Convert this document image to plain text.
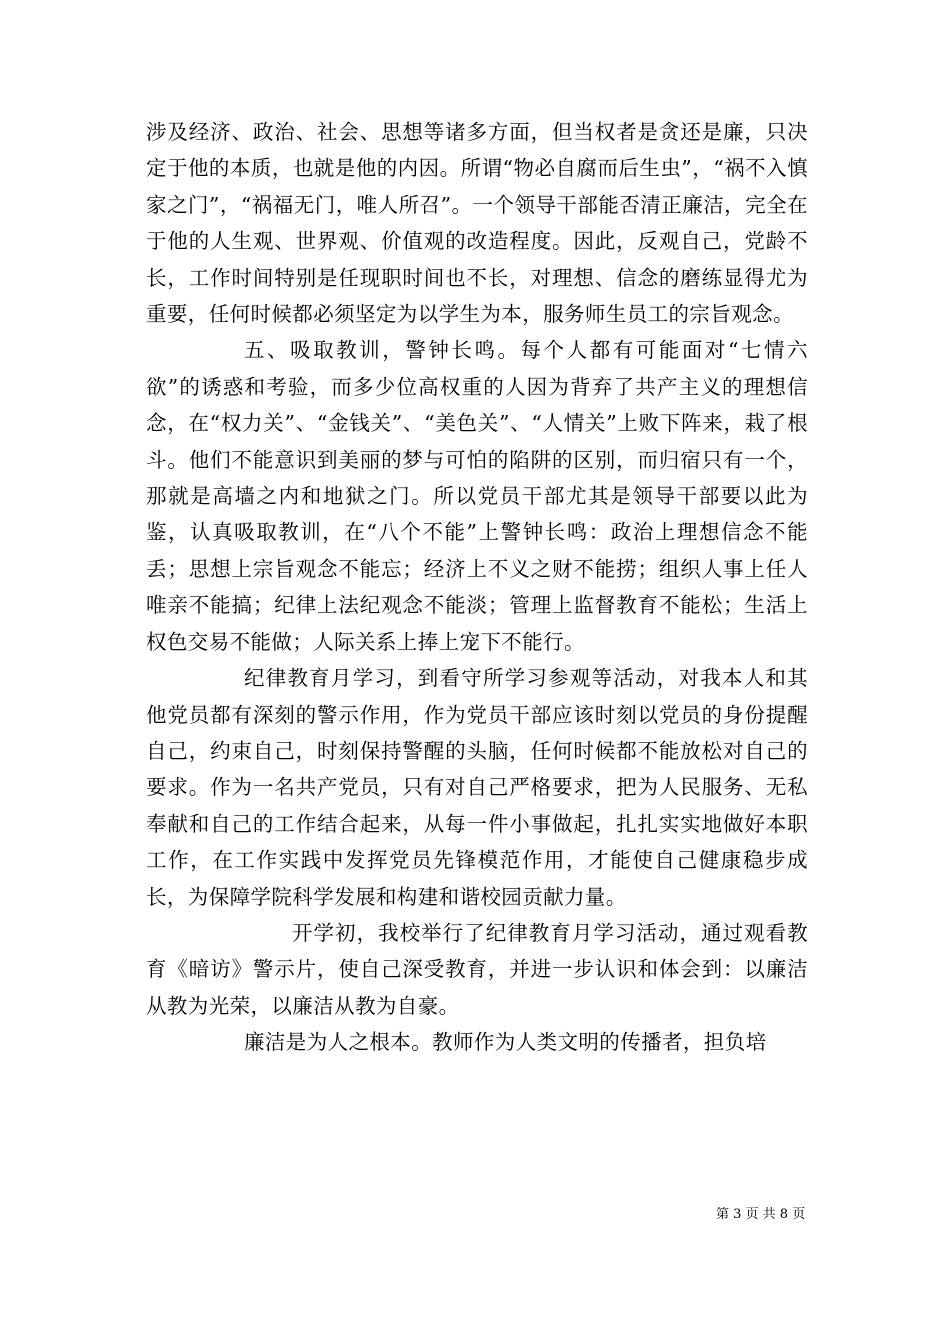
涉及经济、政治、社会、思想等诸多方面，但当权者是贪还是廉，只决定于他的本质，也就是他的内因。所谓“物必自腐而后生虫”，“祸不入慎家之门”，“祸福无门，唯人所召”。一个领导干部能否清正廉洁，完全在于他的人生观、世界观、价值观的改造程度。因此，反观自己，党龄不长，工作时间特别是任现职时间也不长，对理想、信念的磨练显得尤为重要，任何时候都必须坚定为以学生为本，服务师生员工的宗旨观念。

五、吸取教训，警钟长鸣。每个人都有可能面对“七情六欲”的诱惑和考验，而多少位高权重的人因为背弃了共产主义的理想信念，在“权力关”、“金钱关”、“美色关”、“人情关”上败下阵来，栽了根斗。他们不能意识到美丽的梦与可怕的陷阱的区别，而归宿只有一个，那就是高墙之内和地狱之门。所以党员干部尤其是领导干部要以此为鉴，认真吸取教训，在“八个不能”上警钟长鸣：政治上理想信念不能丢；思想上宗旨观念不能忘；经济上不义之财不能捞；组织人事上任人唯亲不能搞；纪律上法纪观念不能淡；管理上监督教育不能松；生活上权色交易不能做；人际关系上捧上宠下不能行。

纪律教育月学习，到看守所学习参观等活动，对我本人和其他党员都有深刻的警示作用，作为党员干部应该时刻以党员的身份提醒自己，约束自己，时刻保持警醒的头脑，任何时候都不能放松对自己的要求。作为一名共产党员，只有对自己严格要求，把为人民服务、无私奉献和自己的工作结合起来，从每一件小事做起，扎扎实实地做好本职工作，在工作实践中发挥党员先锋模范作用，才能使自己健康稳步成长，为保障学院科学发展和构建和谐校园贡献力量。

开学初，我校举行了纪律教育月学习活动，通过观看教育《暗访》警示片，使自己深受教育，并进一步认识和体会到：以廉洁从教为光荣，以廉洁从教为自豪。

廉洁是为人之根本。教师作为人类文明的传播者，担负培

第 3 页 共 8 页
